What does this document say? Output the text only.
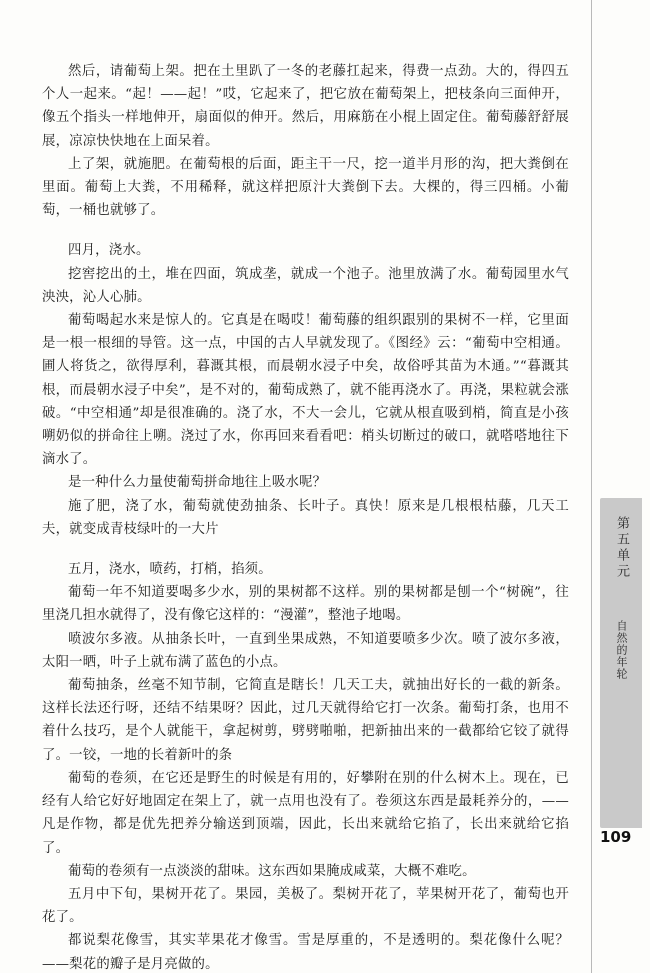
第五单元
自然的年轮
109

然后，请葡萄上架。把在土里趴了一冬的老藤扛起来，得费一点劲。大的，得四五个人一起来。“起！——起！”哎，它起来了，把它放在葡萄架上，把枝条向三面伸开，像五个指头一样地伸开，扇面似的伸开。然后，用麻筋在小棍上固定住。葡萄藤舒舒展展，凉凉快快地在上面呆着。

上了架，就施肥。在葡萄根的后面，距主干一尺，挖一道半月形的沟，把大粪倒在里面。葡萄上大粪，不用稀释，就这样把原汁大粪倒下去。大棵的，得三四桶。小葡萄，一桶也就够了。

四月，浇水。

挖窖挖出的土，堆在四面，筑成垄，就成一个池子。池里放满了水。葡萄园里水气泱泱，沁人心肺。

葡萄喝起水来是惊人的。它真是在喝哎！葡萄藤的组织跟别的果树不一样，它里面是一根一根细的导管。这一点，中国的古人早就发现了。《图经》云：“葡萄中空相通。圃人将货之，欲得厚利，暮溉其根，而晨朝水浸子中矣，故俗呼其苗为木通。”“暮溉其根，而晨朝水浸子中矣”，是不对的，葡萄成熟了，就不能再浇水了。再浇，果粒就会涨破。“中空相通”却是很准确的。浇了水，不大一会儿，它就从根直吸到梢，简直是小孩嗍奶似的拼命往上嗍。浇过了水，你再回来看看吧：梢头切断过的破口，就嗒嗒地往下滴水了。

是一种什么力量使葡萄拼命地往上吸水呢？

施了肥，浇了水，葡萄就使劲抽条、长叶子。真快！原来是几根根枯藤，几天工夫，就变成青枝绿叶的一大片

五月，浇水，喷药，打梢，掐须。

葡萄一年不知道要喝多少水，别的果树都不这样。别的果树都是刨一个“树碗”，往里浇几担水就得了，没有像它这样的：“漫灌”，整池子地喝。

喷波尔多液。从抽条长叶，一直到坐果成熟，不知道要喷多少次。喷了波尔多液，太阳一晒，叶子上就布满了蓝色的小点。

葡萄抽条，丝毫不知节制，它简直是瞎长！几天工夫，就抽出好长的一截的新条。这样长法还行呀，还结不结果呀？因此，过几天就得给它打一次条。葡萄打条，也用不着什么技巧，是个人就能干，拿起树剪，劈劈啪啪，把新抽出来的一截都给它铰了就得了。一铰，一地的长着新叶的条

葡萄的卷须，在它还是野生的时候是有用的，好攀附在别的什么树木上。现在，已经有人给它好好地固定在架上了，就一点用也没有了。卷须这东西是最耗养分的，——凡是作物，都是优先把养分输送到顶端，因此，长出来就给它掐了，长出来就给它掐了。

葡萄的卷须有一点淡淡的甜味。这东西如果腌成咸菜，大概不难吃。

五月中下旬，果树开花了。果园，美极了。梨树开花了，苹果树开花了，葡萄也开花了。

都说梨花像雪，其实苹果花才像雪。雪是厚重的，不是透明的。梨花像什么呢？——梨花的瓣子是月亮做的。
